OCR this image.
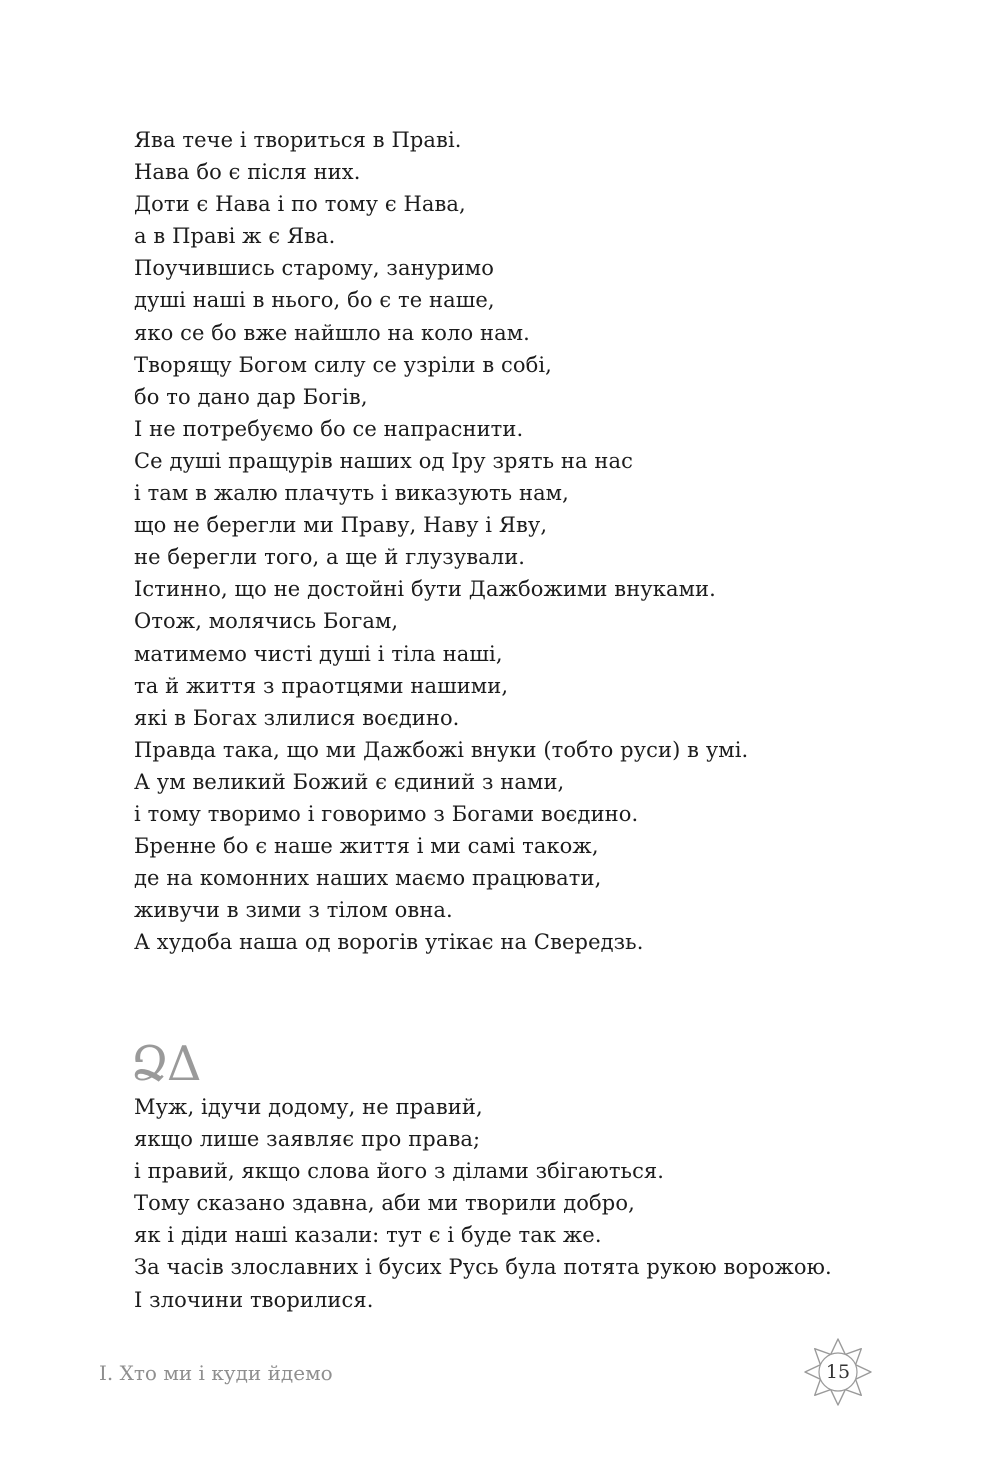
Ява тече і твориться в Праві.
Нава бо є після них.
Доти є Нава і по тому є Нава,
а в Праві ж є Ява.
Поучившись старому, зануримо
душі наші в нього, бо є те наше,
яко се бо вже найшло на коло нам.
Творящу Богом силу се узріли в собі,
бо то дано дар Богів,
І не потребуємо бо се напраснити.
Се душі пращурів наших од Іру зрять на нас
і там в жалю плачуть і виказують нам,
що не берегли ми Праву, Наву і Яву,
не берегли того, а ще й глузували.
Істинно, що не достойні бути Дажбожими внуками.
Отож, молячись Богам,
матимемо чисті душі і тіла наші,
та й життя з праотцями нашими,
які в Богах злилися воєдино.
Правда така, що ми Дажбожі внуки (тобто руси) в умі.
А ум великий Божий є єдиний з нами,
і тому творимо і говоримо з Богами воєдино.
Бренне бо є наше життя і ми самі також,
де на комонних наших маємо працювати,
живучи в зими з тілом овна.
А худоба наша од ворогів утікає на Свередзь.
ՁΔ
Муж, ідучи додому, не правий,
якщо лише заявляє про права;
і правий, якщо слова його з ділами збігаються.
Тому сказано здавна, аби ми творили добро,
як і діди наші казали: тут є і буде так же.
За часів злославних і бусих Русь була потята рукою ворожою.
І злочини творилися.
І. Хто ми і куди йдемо	15
